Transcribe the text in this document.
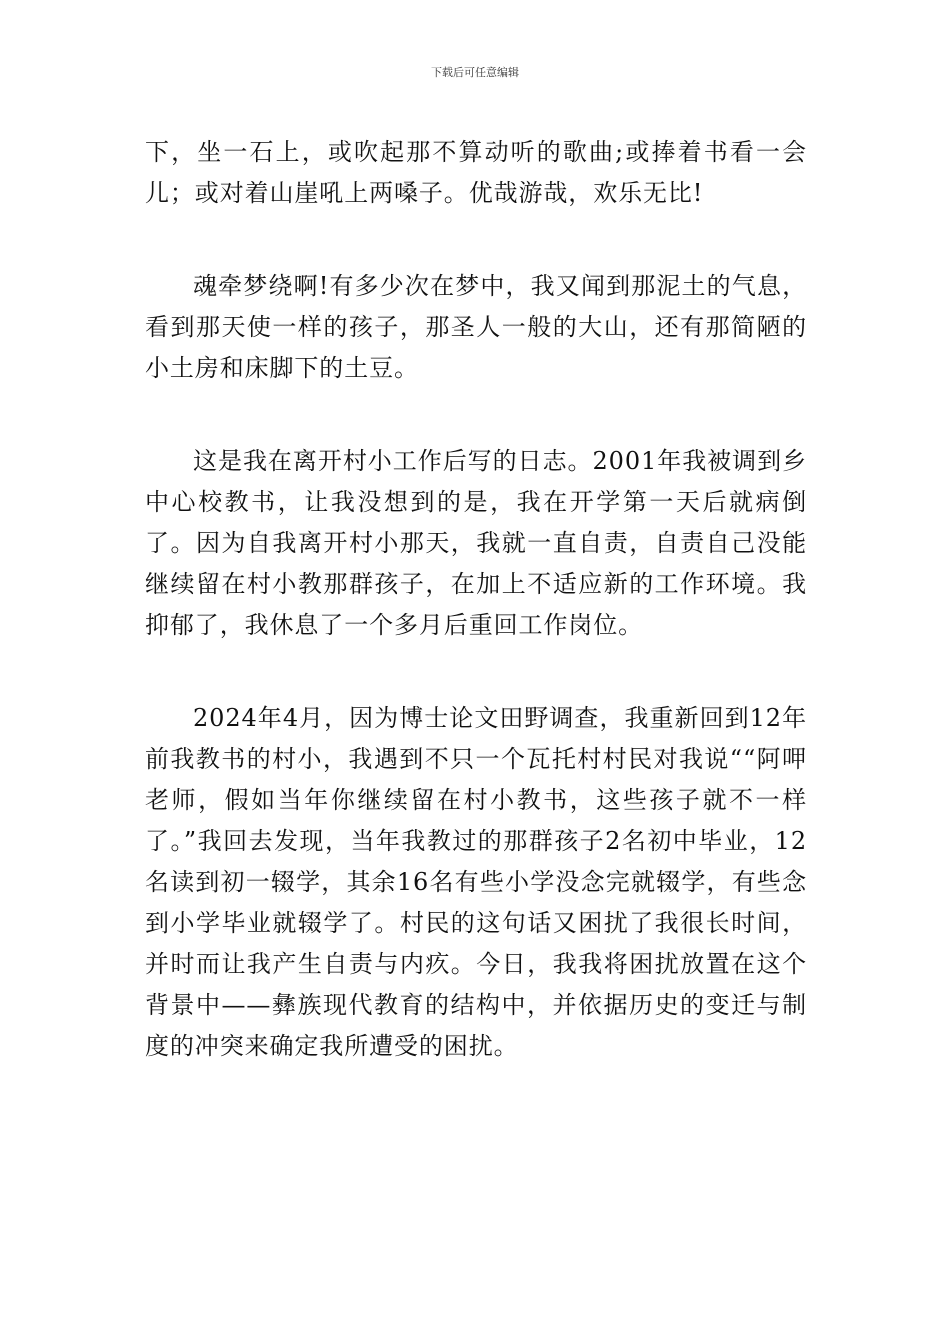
下载后可任意编辑

下，坐一石上，或吹起那不算动听的歌曲;或捧着书看一会儿；或对着山崖吼上两嗓子。优哉游哉，欢乐无比!

魂牵梦绕啊!有多少次在梦中，我又闻到那泥土的气息，看到那天使一样的孩子，那圣人一般的大山，还有那简陋的小土房和床脚下的土豆。

这是我在离开村小工作后写的日志。2001年我被调到乡中心校教书，让我没想到的是，我在开学第一天后就病倒了。因为自我离开村小那天，我就一直自责，自责自己没能继续留在村小教那群孩子，在加上不适应新的工作环境。我抑郁了，我休息了一个多月后重回工作岗位。

2024年4月，因为博士论文田野调查，我重新回到12年前我教书的村小，我遇到不只一个瓦托村村民对我说““阿呷老师，假如当年你继续留在村小教书，这些孩子就不一样了。”我回去发现，当年我教过的那群孩子2名初中毕业，12名读到初一辍学，其余16名有些小学没念完就辍学，有些念到小学毕业就辍学了。村民的这句话又困扰了我很长时间，并时而让我产生自责与内疚。今日，我我将困扰放置在这个背景中——彝族现代教育的结构中，并依据历史的变迁与制度的冲突来确定我所遭受的困扰。
